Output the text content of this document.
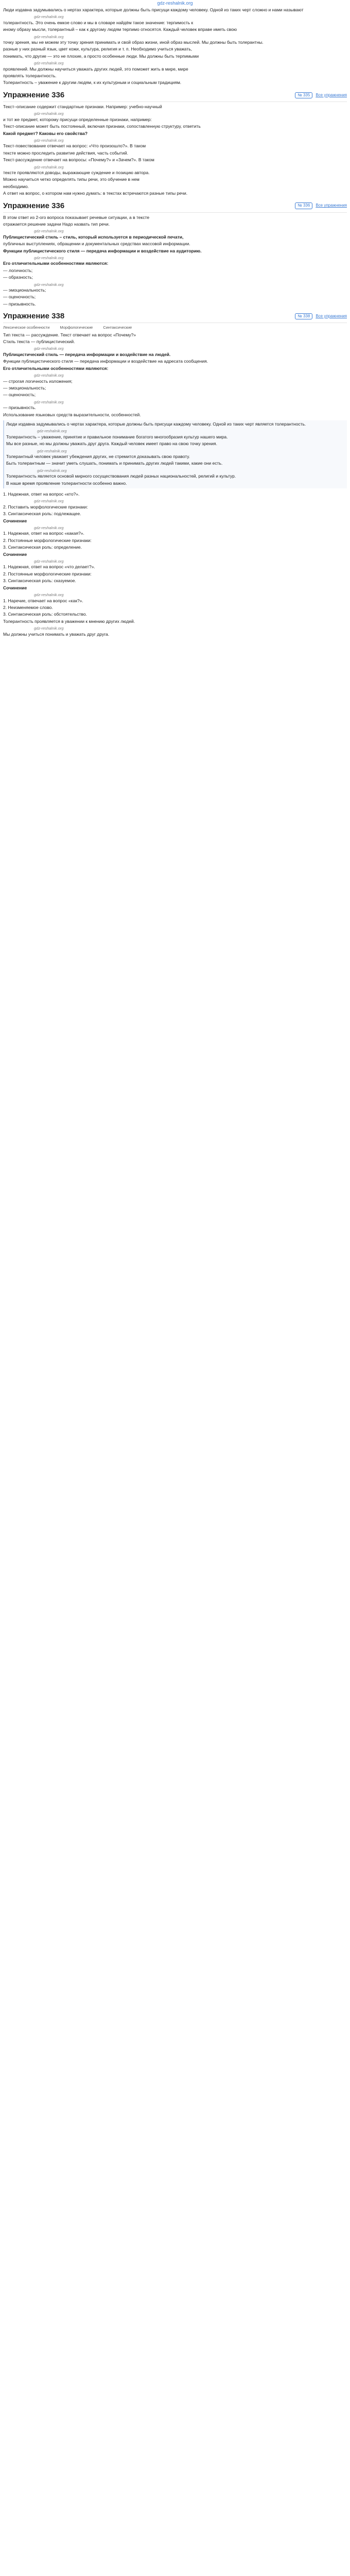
gdz-reshalnik.org

Люди издавна задумывались о нертах характера, которые должны быть присущи каждому человеку. Одной из таких черт сложно и нами называют

gdz-reshalnik.org

толерантность. Это очень емкое слово и мы в словаре найдём такое значение: терпимость к

иному образу мысли, толерантный – как к другому людям терпимо относятся. Каждый человек вправе иметь свою

gdz-reshalnik.org

точку зрения, мы не можем эту точку зрения принимать и свой образ жизни, иной образ мыслей. Мы должны быть толерантны.

разные у них разный язык, цвет кожи, культура, религия и т. п. Необходимо учиться уважать,

понимать, что другие — это не плохие, а просто особенные люди. Мы должны быть терпимыми

gdz-reshalnik.org

проявлений. Мы должны научиться уважать других людей, это поможет жить в мире, мире

проявлять толерантность.

Толерантность – уважение к другим людям, к их культурным и социальным традициям.

Упражнение 336	№ 335	Все упражнения

Текст–описание содержит стандартные признаки. Например: учебно-научный

gdz-reshalnik.org

и тот же предмет, которому присущи определенные признаки, например:

Текст-описание может быть постоянный, включая признаки, сопоставленную структуру, ответить

Какой предмет? Каковы его свойства?

gdz-reshalnik.org

Текст-повествование отвечает на вопрос: «Что произошло?». В таком

тексте можно проследить развитие действия, часть событий.

Текст-рассуждение отвечает на вопросы: «Почему?» и «Зачем?». В таком

gdz-reshalnik.org

тексте проявляются доводы, выражающие суждение и позицию автора.

Можно научиться четко определять типы речи, это обучение в нем

необходимо.

А ответ на вопрос, о котором нам нужно думать: в текстах встречаются разные типы речи.

Упражнение 336	№ 336	Все упражнения

В этом ответ из 2-ого вопроса показывает речевые ситуации, а в тексте

отражается решение задачи Надо назвать тип речи.

gdz-reshalnik.org

Публицистический стиль – стиль, который используется в периодической печати,

публичных выступлениях, обращении и документальных средствах массовой информации.

Функции публицистического стиля — передача информации и воздействие на аудиторию.

gdz-reshalnik.org

Его отличительными особенностями являются:

— логичность;

— образность;

gdz-reshalnik.org

— эмоциональность;

— оценочность;

— призывность.

Упражнение 338	№ 338	Все упражнения
Лексическое особенности	Морфологические	Синтаксические

Тип текста — рассуждение. Текст отвечает на вопрос «Почему?»

Стиль текста — публицистический.

gdz-reshalnik.org

Публицистический стиль — передача информации и воздействие на людей.

Функции публицистического стиля — передача информации и воздействие на адресата сообщения.

Его отличительными особенностями являются:

gdz-reshalnik.org

— строгая логичность изложения;

— эмоциональность;

— оценочность;

gdz-reshalnik.org

— призывность.

Использование языковых средств выразительности, особенностей.

Люди издавна задумывались о чертах характера, которые должны быть присущи каждому человеку. Одной из таких черт является толерантность.

gdz-reshalnik.org

Толерантность – уважение, принятие и правильное понимание богатого многообразия культур нашего мира.

Мы все разные, но мы должны уважать друг друга. Каждый человек имеет право на свою точку зрения.

gdz-reshalnik.org

Толерантный человек уважает убеждения других, не стремится доказывать свою правоту.

Быть толерантным — значит уметь слушать, понимать и принимать других людей такими, какие они есть.

gdz-reshalnik.org

Толерантность является основой мирного сосуществования людей разных национальностей, религий и культур.

В наше время проявление толерантности особенно важно.

1. Надежная, ответ на вопрос «кто?».

gdz-reshalnik.org

2. Поставить морфологические признаки:

3. Синтаксическая роль: подлежащее.

Сочинение

gdz-reshalnik.org

1. Надежная, ответ на вопрос «какая?».

2. Постоянные морфологические признаки:

3. Синтаксическая роль: определение.

Сочинение

gdz-reshalnik.org

1. Надежная, ответ на вопрос «что делает?».

2. Постоянные морфологические признаки:

3. Синтаксическая роль: сказуемое.

Сочинение

gdz-reshalnik.org

1. Наречие, отвечает на вопрос «как?».

2. Неизменяемое слово.

3. Синтаксическая роль: обстоятельство.

Толерантность проявляется в уважении к мнению других людей.

gdz-reshalnik.org

Мы должны учиться понимать и уважать друг друга.
